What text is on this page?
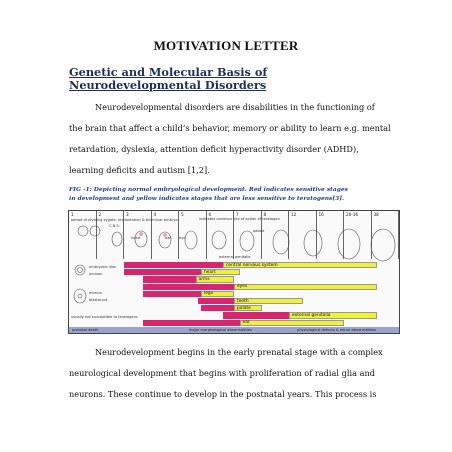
MOTIVATION LETTER
Genetic and Molecular Basis of
Neurodevelopmental Disorders
Neurodevelopmental disorders are disabilities in the functioning of
the brain that affect a child’s behavior, memory or ability to learn e.g. mental
retardation, dyslexia, attention deficit hyperactivity disorder (ADHD),
learning deficits and autism [1,2].
FIG -1: Depicting normal embryological development. Red indicates sensitive stages
in development and yellow indicates stages that are less sensitive to teratogens[3].
1	2	3	4	5	6	7	8	12	16	20-36	38
period of dividing zygote, implantation & bilaminar embryo
C.N.S.
indicates common site of action of teratogen
heart	ear eye
palate
external genitalia
embryonic disc
amnion
morula
blastocyst
usually not susceptible to teratogens
central nervous system
heart
arms
eyes
legs
teeth
palate
external genitalia
ear
prenatal death	major morphological abnormalities	physiological defects & minor abnormalities
Neurodevelopment begins in the early prenatal stage with a complex
neurological development that begins with proliferation of radial glia and
neurons. These continue to develop in the postnatal years. This process is
